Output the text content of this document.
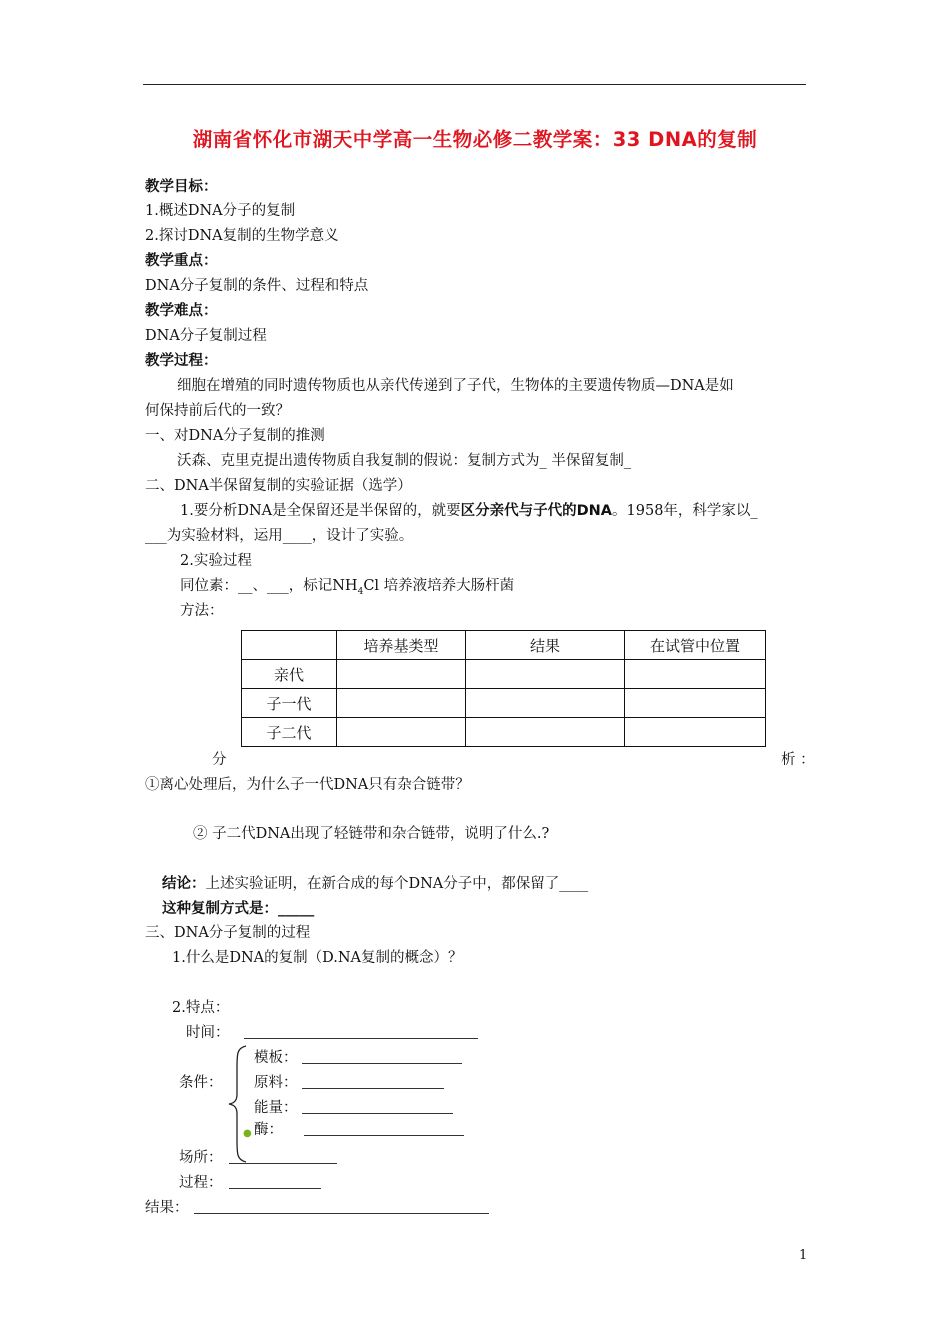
湖南省怀化市湖天中学高一生物必修二教学案：33 DNA的复制
教学目标：
1.概述DNA分子的复制
2.探讨DNA复制的生物学意义
教学重点：
DNA分子复制的条件、过程和特点
教学难点：
DNA分子复制过程
教学过程：
细胞在增殖的同时遗传物质也从亲代传递到了子代，生物体的主要遗传物质—DNA是如
何保持前后代的一致？
一、对DNA分子复制的推测
沃森、克里克提出遗传物质自我复制的假说：复制方式为_ 半保留复制_
二、DNA半保留复制的实验证据（选学）
1.要分析DNA是全保留还是半保留的，就要区分亲代与子代的DNA。1958年，科学家以_
___为实验材料，运用____，设计了实验。
2.实验过程
同位素：__、___，标记$NH_4Cl$ 培养液培养大肠杆菌
方法：
	培养基类型	结果	在试管中位置
亲代			
子一代			
子二代			
分	析 ：
①离心处理后，为什么子一代DNA只有杂合链带？
② 子二代DNA出现了轻链带和杂合链带，说明了什么.?
结论：上述实验证明，在新合成的每个DNA分子中，都保留了____
这种复制方式是：_____
三、DNA分子复制的过程
1.什么是DNA的复制（D.NA复制的概念）？
2.特点：
时间：
条件：
模板：
原料：
能量：
酶：
●
场所：
过程：
结果：
1
